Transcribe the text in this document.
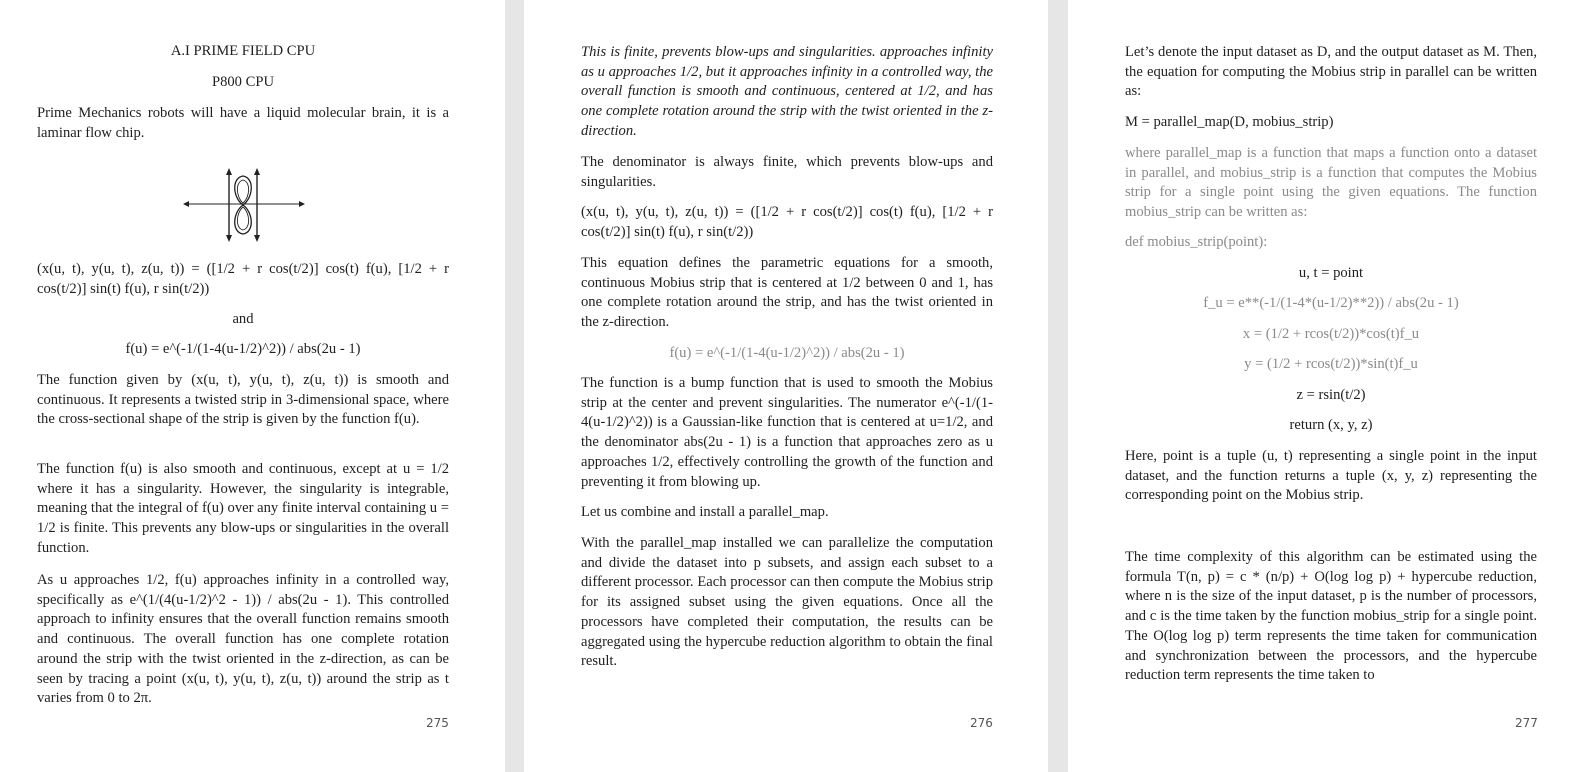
A.I PRIME FIELD CPU

P800 CPU

Prime Mechanics robots will have a liquid molecular brain, it is a laminar flow chip.

(x(u, t), y(u, t), z(u, t)) = ([1/2 + r cos(t/2)] cos(t) f(u), [1/2 + r cos(t/2)] sin(t) f(u), r sin(t/2))

and

f(u) = e^(-1/(1-4(u-1/2)^2)) / abs(2u - 1)

The function given by (x(u, t), y(u, t), z(u, t)) is smooth and continuous. It represents a twisted strip in 3-dimensional space, where the cross-sectional shape of the strip is given by the function f(u).

The function f(u) is also smooth and continuous, except at u = 1/2 where it has a singularity. However, the singularity is integrable, meaning that the integral of f(u) over any finite interval containing u = 1/2 is finite. This prevents any blow-ups or singularities in the overall function.

As u approaches 1/2, f(u) approaches infinity in a controlled way, specifically as e^(1/(4(u-1/2)^2 - 1)) / abs(2u - 1). This controlled approach to infinity ensures that the overall function remains smooth and continuous. The overall function has one complete rotation around the strip with the twist oriented in the z-direction, as can be seen by tracing a point (x(u, t), y(u, t), z(u, t)) around the strip as t varies from 0 to 2π.

275

This is finite, prevents blow-ups and singularities. approaches infinity as u approaches 1/2, but it approaches infinity in a controlled way, the overall function is smooth and continuous, centered at 1/2, and has one complete rotation around the strip with the twist oriented in the z-direction.

The denominator is always finite, which prevents blow-ups and singularities.

(x(u, t), y(u, t), z(u, t)) = ([1/2 + r cos(t/2)] cos(t) f(u), [1/2 + r cos(t/2)] sin(t) f(u), r sin(t/2))

This equation defines the parametric equations for a smooth, continuous Mobius strip that is centered at 1/2 between 0 and 1, has one complete rotation around the strip, and has the twist oriented in the z-direction.

f(u) = e^(-1/(1-4(u-1/2)^2)) / abs(2u - 1)

The function is a bump function that is used to smooth the Mobius strip at the center and prevent singularities. The numerator e^(-1/(1-4(u-1/2)^2)) is a Gaussian-like function that is centered at u=1/2, and the denominator abs(2u - 1) is a function that approaches zero as u approaches 1/2, effectively controlling the growth of the function and preventing it from blowing up.

Let us combine and install a parallel_map.

With the parallel_map installed we can parallelize the computation and divide the dataset into p subsets, and assign each subset to a different processor. Each processor can then compute the Mobius strip for its assigned subset using the given equations. Once all the processors have completed their computation, the results can be aggregated using the hypercube reduction algorithm to obtain the final result.

276

Let’s denote the input dataset as D, and the output dataset as M. Then, the equation for computing the Mobius strip in parallel can be written as:

M = parallel_map(D, mobius_strip)

where parallel_map is a function that maps a function onto a dataset in parallel, and mobius_strip is a function that computes the Mobius strip for a single point using the given equations. The function mobius_strip can be written as:

def mobius_strip(point):

u, t = point

f_u = e**(-1/(1-4*(u-1/2)**2)) / abs(2u - 1)

x = (1/2 + rcos(t/2))*cos(t)f_u

y = (1/2 + rcos(t/2))*sin(t)f_u

z = rsin(t/2)

return (x, y, z)

Here, point is a tuple (u, t) representing a single point in the input dataset, and the function returns a tuple (x, y, z) representing the corresponding point on the Mobius strip.

The time complexity of this algorithm can be estimated using the formula T(n, p) = c * (n/p) + O(log log p) + hypercube reduction, where n is the size of the input dataset, p is the number of processors, and c is the time taken by the function mobius_strip for a single point. The O(log log p) term represents the time taken for communication and synchronization between the processors, and the hypercube reduction term represents the time taken to

277
